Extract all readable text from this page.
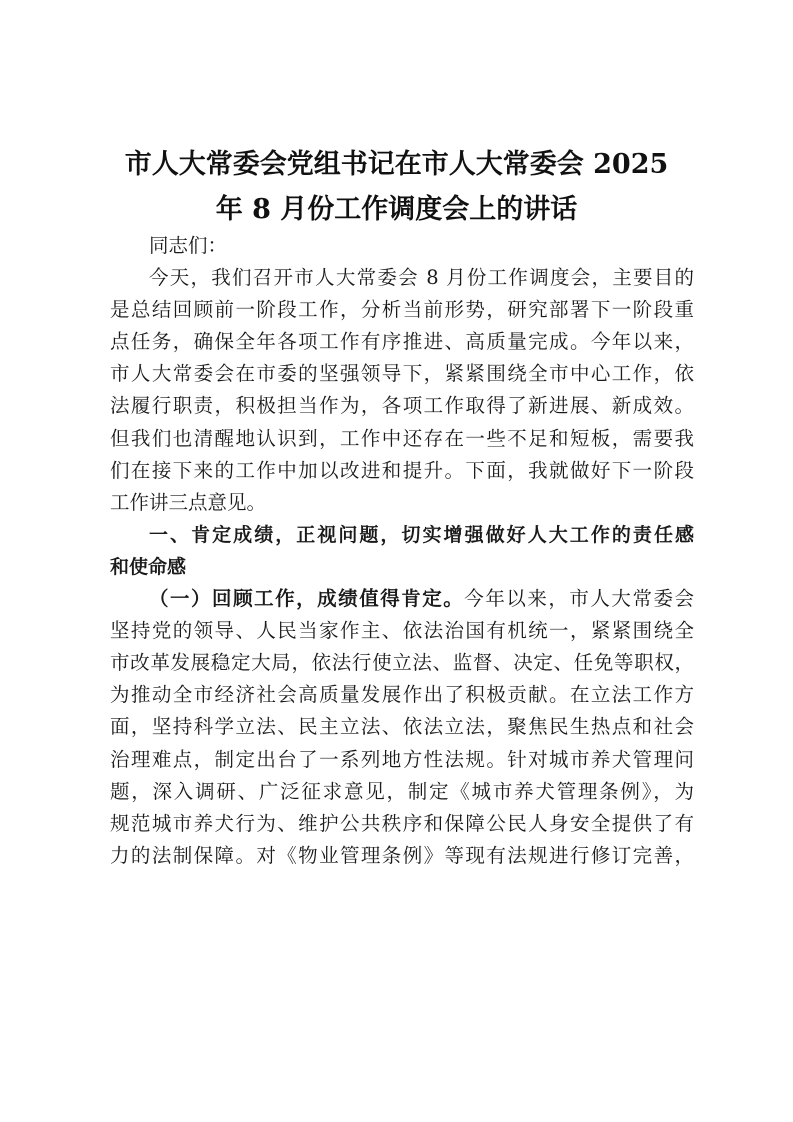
市人大常委会党组书记在市人大常委会 2025
年 8 月份工作调度会上的讲话

同志们：

今天，我们召开市人大常委会 8 月份工作调度会，主要目的
是总结回顾前一阶段工作，分析当前形势，研究部署下一阶段重
点任务，确保全年各项工作有序推进、高质量完成。今年以来，
市人大常委会在市委的坚强领导下，紧紧围绕全市中心工作，依
法履行职责，积极担当作为，各项工作取得了新进展、新成效。
但我们也清醒地认识到，工作中还存在一些不足和短板，需要我
们在接下来的工作中加以改进和提升。下面，我就做好下一阶段
工作讲三点意见。

一、肯定成绩，正视问题，切实增强做好人大工作的责任感
和使命感

（一）回顾工作，成绩值得肯定。今年以来，市人大常委会
坚持党的领导、人民当家作主、依法治国有机统一，紧紧围绕全
市改革发展稳定大局，依法行使立法、监督、决定、任免等职权，
为推动全市经济社会高质量发展作出了积极贡献。在立法工作方
面，坚持科学立法、民主立法、依法立法，聚焦民生热点和社会
治理难点，制定出台了一系列地方性法规。针对城市养犬管理问
题，深入调研、广泛征求意见，制定《城市养犬管理条例》，为
规范城市养犬行为、维护公共秩序和保障公民人身安全提供了有
力的法制保障。对《物业管理条例》等现有法规进行修订完善，
